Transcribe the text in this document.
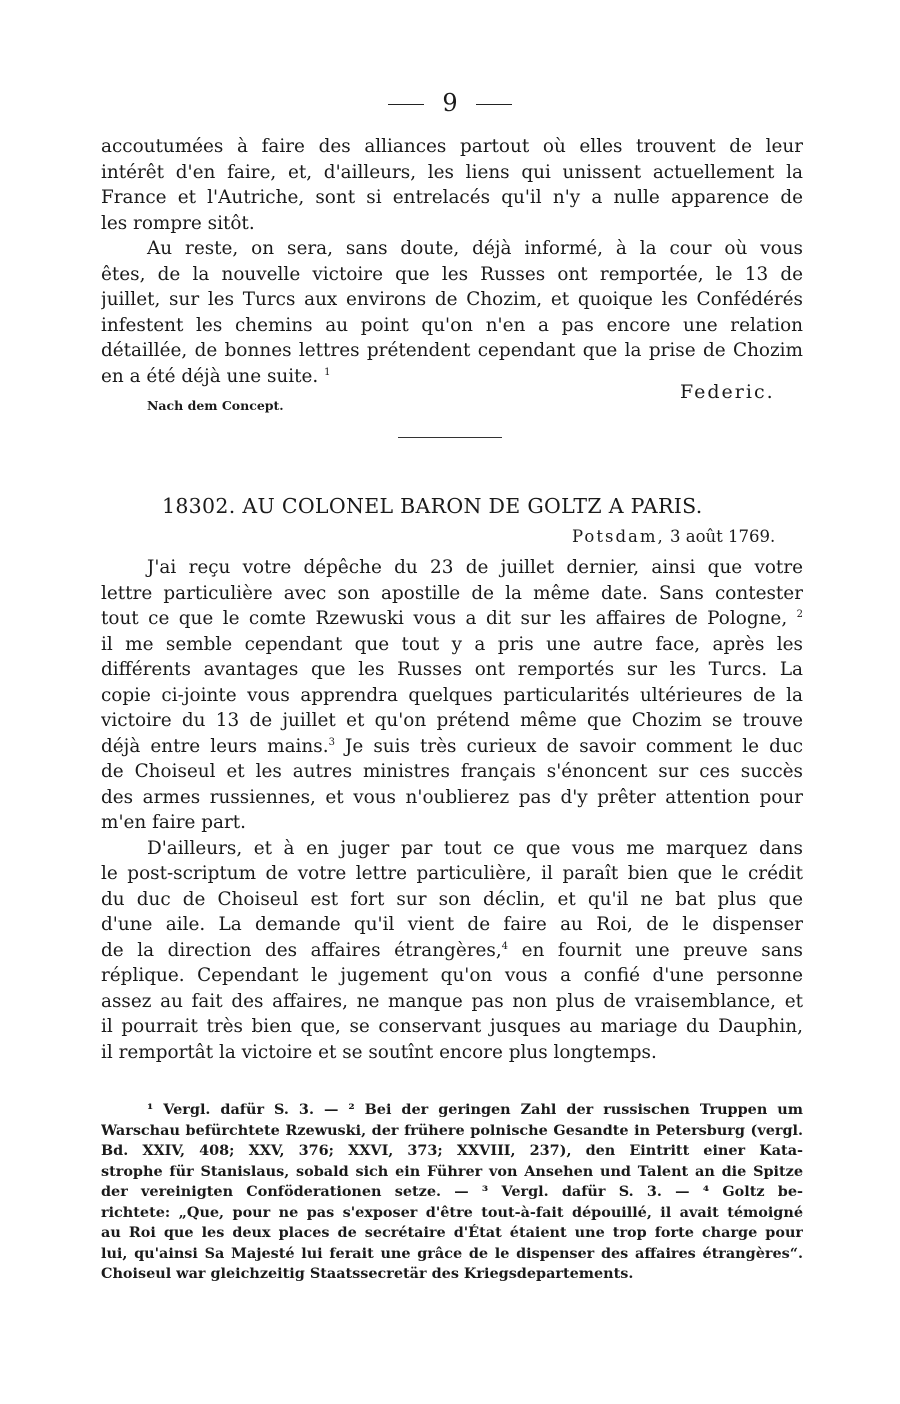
9
accoutumées à faire des alliances partout où elles trouvent de leur
intérêt d'en faire, et, d'ailleurs, les liens qui unissent actuellement la
France et l'Autriche, sont si entrelacés qu'il n'y a nulle apparence de
les rompre sitôt.
Au reste, on sera, sans doute, déjà informé, à la cour où vous
êtes, de la nouvelle victoire que les Russes ont remportée, le 13 de
juillet, sur les Turcs aux environs de Chozim, et quoique les Confédérés
infestent les chemins au point qu'on n'en a pas encore une relation
détaillée, de bonnes lettres prétendent cependant que la prise de Chozim
en a été déjà une suite. $^1$
Federic.
Nach dem Concept.
18302. AU COLONEL BARON DE GOLTZ A PARIS.
Potsdam, 3 août 1769.
J'ai reçu votre dépêche du 23 de juillet dernier, ainsi que votre
lettre particulière avec son apostille de la même date. Sans contester
tout ce que le comte Rzewuski vous a dit sur les affaires de Pologne, $^2$
il me semble cependant que tout y a pris une autre face, après les
différents avantages que les Russes ont remportés sur les Turcs. La
copie ci-jointe vous apprendra quelques particularités ultérieures de la
victoire du 13 de juillet et qu'on prétend même que Chozim se trouve
déjà entre leurs mains.$^3$ Je suis très curieux de savoir comment le duc
de Choiseul et les autres ministres français s'énoncent sur ces succès
des armes russiennes, et vous n'oublierez pas d'y prêter attention pour
m'en faire part.
D'ailleurs, et à en juger par tout ce que vous me marquez dans
le post-scriptum de votre lettre particulière, il paraît bien que le crédit
du duc de Choiseul est fort sur son déclin, et qu'il ne bat plus que
d'une aile. La demande qu'il vient de faire au Roi, de le dispenser
de la direction des affaires étrangères,$^4$ en fournit une preuve sans
réplique. Cependant le jugement qu'on vous a confié d'une personne
assez au fait des affaires, ne manque pas non plus de vraisemblance, et
il pourrait très bien que, se conservant jusques au mariage du Dauphin,
il remportât la victoire et se soutînt encore plus longtemps.
¹ Vergl. dafür S. 3. — ² Bei der geringen Zahl der russischen Truppen um
Warschau befürchtete Rzewuski, der frühere polnische Gesandte in Petersburg (vergl.
Bd. XXIV, 408; XXV, 376; XXVI, 373; XXVIII, 237), den Eintritt einer Kata-
strophe für Stanislaus, sobald sich ein Führer von Ansehen und Talent an die Spitze
der vereinigten Conföderationen setze. — ³ Vergl. dafür S. 3. — ⁴ Goltz be-
richtete: „Que, pour ne pas s'exposer d'être tout-à-fait dépouillé, il avait témoigné
au Roi que les deux places de secrétaire d'État étaient une trop forte charge pour
lui, qu'ainsi Sa Majesté lui ferait une grâce de le dispenser des affaires étrangères“.
Choiseul war gleichzeitig Staatssecretär des Kriegsdepartements.
